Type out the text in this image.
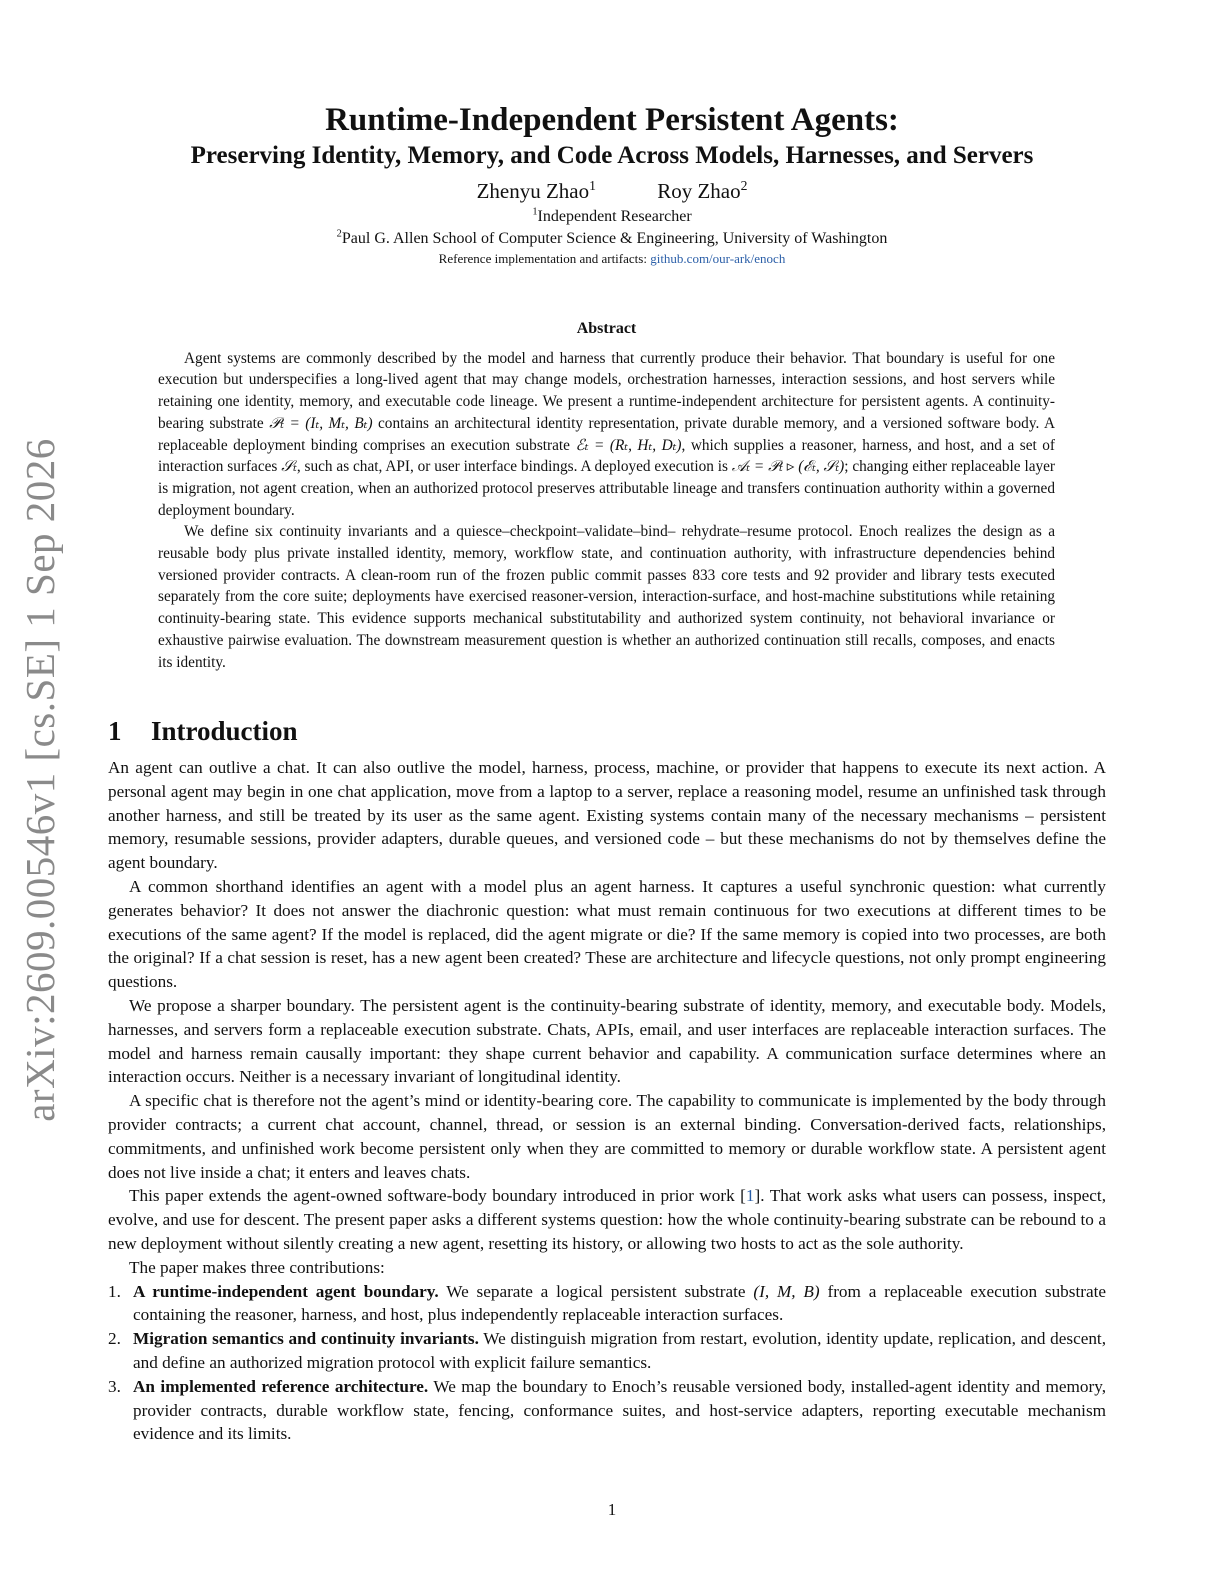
arXiv:2609.00546v1 [cs.SE] 1 Sep 2026
Runtime-Independent Persistent Agents:
Preserving Identity, Memory, and Code Across Models, Harnesses, and Servers
Zhenyu Zhao$^1$	Roy Zhao$^2$
$^1$Independent Researcher
$^2$Paul G. Allen School of Computer Science & Engineering, University of Washington
Reference implementation and artifacts: github.com/our-ark/enoch
Abstract

Agent systems are commonly described by the model and harness that currently produce their behavior. That boundary is useful for one execution but underspecifies a long-lived agent that may change models, orchestration harnesses, interaction sessions, and host servers while retaining one identity, memory, and executable code lineage. We present a runtime-independent architecture for persistent agents. A continuity-bearing substrate 𝒫ₜ = (Iₜ, Mₜ, Bₜ) contains an architectural identity representation, private durable memory, and a versioned software body. A replaceable deployment binding comprises an execution substrate ℰₜ = (Rₜ, Hₜ, Dₜ), which supplies a reasoner, harness, and host, and a set of interaction surfaces 𝒮ₜ, such as chat, API, or user interface bindings. A deployed execution is 𝒜ₜ = 𝒫ₜ ▹ (ℰₜ, 𝒮ₜ); changing either replaceable layer is migration, not agent creation, when an authorized protocol preserves attributable lineage and transfers continuation authority within a governed deployment boundary.

We define six continuity invariants and a quiesce–checkpoint–validate–bind– rehydrate–resume protocol. Enoch realizes the design as a reusable body plus private installed identity, memory, workflow state, and continuation authority, with infrastructure dependencies behind versioned provider contracts. A clean-room run of the frozen public commit passes 833 core tests and 92 provider and library tests executed separately from the core suite; deployments have exercised reasoner-version, interaction-surface, and host-machine substitutions while retaining continuity-bearing state. This evidence supports mechanical substitutability and authorized system continuity, not behavioral invariance or exhaustive pairwise evaluation. The downstream measurement question is whether an authorized continuation still recalls, composes, and enacts its identity.

1 Introduction

An agent can outlive a chat. It can also outlive the model, harness, process, machine, or provider that happens to execute its next action. A personal agent may begin in one chat application, move from a laptop to a server, replace a reasoning model, resume an unfinished task through another harness, and still be treated by its user as the same agent. Existing systems contain many of the necessary mechanisms – persistent memory, resumable sessions, provider adapters, durable queues, and versioned code – but these mechanisms do not by themselves define the agent boundary.

A common shorthand identifies an agent with a model plus an agent harness. It captures a useful synchronic question: what currently generates behavior? It does not answer the diachronic question: what must remain continuous for two executions at different times to be executions of the same agent? If the model is replaced, did the agent migrate or die? If the same memory is copied into two processes, are both the original? If a chat session is reset, has a new agent been created? These are architecture and lifecycle questions, not only prompt engineering questions.

We propose a sharper boundary. The persistent agent is the continuity-bearing substrate of identity, memory, and executable body. Models, harnesses, and servers form a replaceable execution substrate. Chats, APIs, email, and user interfaces are replaceable interaction surfaces. The model and harness remain causally important: they shape current behavior and capability. A communication surface determines where an interaction occurs. Neither is a necessary invariant of longitudinal identity.

A specific chat is therefore not the agent’s mind or identity-bearing core. The capability to communicate is implemented by the body through provider contracts; a current chat account, channel, thread, or session is an external binding. Conversation-derived facts, relationships, commitments, and unfinished work become persistent only when they are committed to memory or durable workflow state. A persistent agent does not live inside a chat; it enters and leaves chats.

This paper extends the agent-owned software-body boundary introduced in prior work [1]. That work asks what users can possess, inspect, evolve, and use for descent. The present paper asks a different systems question: how the whole continuity-bearing substrate can be rebound to a new deployment without silently creating a new agent, resetting its history, or allowing two hosts to act as the sole authority.

The paper makes three contributions:

1. A runtime-independent agent boundary. We separate a logical persistent substrate (I, M, B) from a replaceable execution substrate containing the reasoner, harness, and host, plus independently replaceable interaction surfaces.
2. Migration semantics and continuity invariants. We distinguish migration from restart, evolution, identity update, replication, and descent, and define an authorized migration protocol with explicit failure semantics.
3. An implemented reference architecture. We map the boundary to Enoch’s reusable versioned body, installed-agent identity and memory, provider contracts, durable workflow state, fencing, conformance suites, and host-service adapters, reporting executable mechanism evidence and its limits.
1
